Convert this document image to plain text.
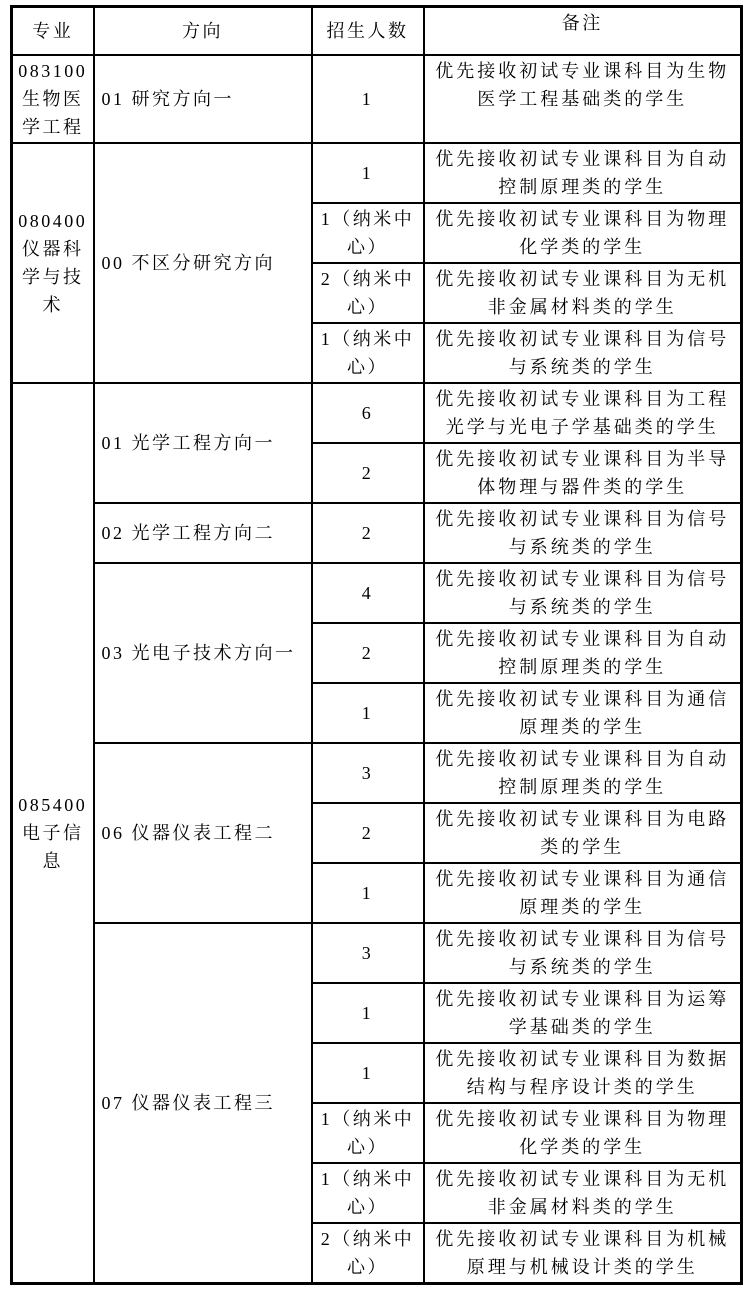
专业	方向	招生人数	备注

083100
生物医学工程	01 研究方向一	1	优先接收初试专业课科目为生物医学工程基础类的学生

080400
仪器科学与技术	00 不区分研究方向	1	优先接收初试专业课科目为自动控制原理类的学生
		1（纳米中心）	优先接收初试专业课科目为物理化学类的学生
		2（纳米中心）	优先接收初试专业课科目为无机非金属材料类的学生
		1（纳米中心）	优先接收初试专业课科目为信号与系统类的学生

085400
电子信息	01 光学工程方向一	6	优先接收初试专业课科目为工程光学与光电子学基础类的学生
		2	优先接收初试专业课科目为半导体物理与器件类的学生
	02 光学工程方向二	2	优先接收初试专业课科目为信号与系统类的学生
	03 光电子技术方向一	4	优先接收初试专业课科目为信号与系统类的学生
		2	优先接收初试专业课科目为自动控制原理类的学生
		1	优先接收初试专业课科目为通信原理类的学生
	06 仪器仪表工程二	3	优先接收初试专业课科目为自动控制原理类的学生
		2	优先接收初试专业课科目为电路类的学生
		1	优先接收初试专业课科目为通信原理类的学生
	07 仪器仪表工程三	3	优先接收初试专业课科目为信号与系统类的学生
		1	优先接收初试专业课科目为运筹学基础类的学生
		1	优先接收初试专业课科目为数据结构与程序设计类的学生
		1（纳米中心）	优先接收初试专业课科目为物理化学类的学生
		1（纳米中心）	优先接收初试专业课科目为无机非金属材料类的学生
		2（纳米中心）	优先接收初试专业课科目为机械原理与机械设计类的学生
